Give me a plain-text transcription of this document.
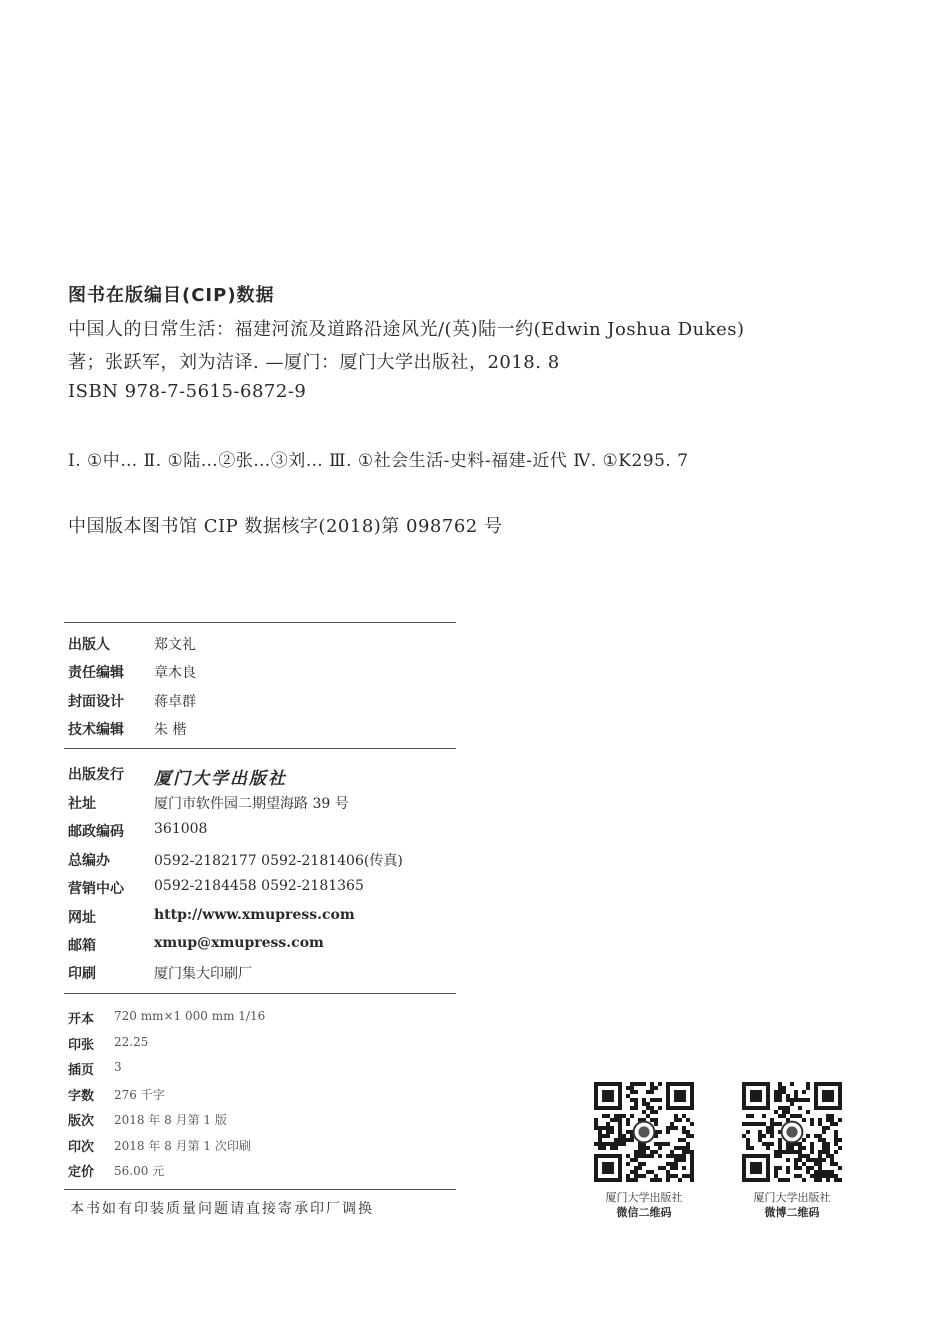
图书在版编目(CIP)数据
中国人的日常生活：福建河流及道路沿途风光/(英)陆一约(Edwin Joshua Dukes)
著；张跃军，刘为洁译. —厦门：厦门大学出版社，2018. 8
ISBN 978-7-5615-6872-9
Ⅰ. ①中… Ⅱ. ①陆…②张…③刘… Ⅲ. ①社会生活-史料-福建-近代 Ⅳ. ①K295. 7
中国版本图书馆 CIP 数据核字(2018)第 098762 号
出版人	郑文礼
责任编辑	章木良
封面设计	蒋卓群
技术编辑	朱 楷
出版发行	厦门大学出版社
社址	厦门市软件园二期望海路 39 号
邮政编码	361008
总编办	0592-2182177 0592-2181406(传真)
营销中心	0592-2184458 0592-2181365
网址	http://www.xmupress.com
邮箱	xmup@xmupress.com
印刷	厦门集大印刷厂
开本 720 mm×1 000 mm 1/16
印张 22.25
插页 3
字数 276 千字
版次 2018 年 8 月第 1 版
印次 2018 年 8 月第 1 次印刷
定价 56.00 元
本书如有印装质量问题请直接寄承印厂调换
厦门大学出版社
微信二维码
厦门大学出版社
微博二维码
